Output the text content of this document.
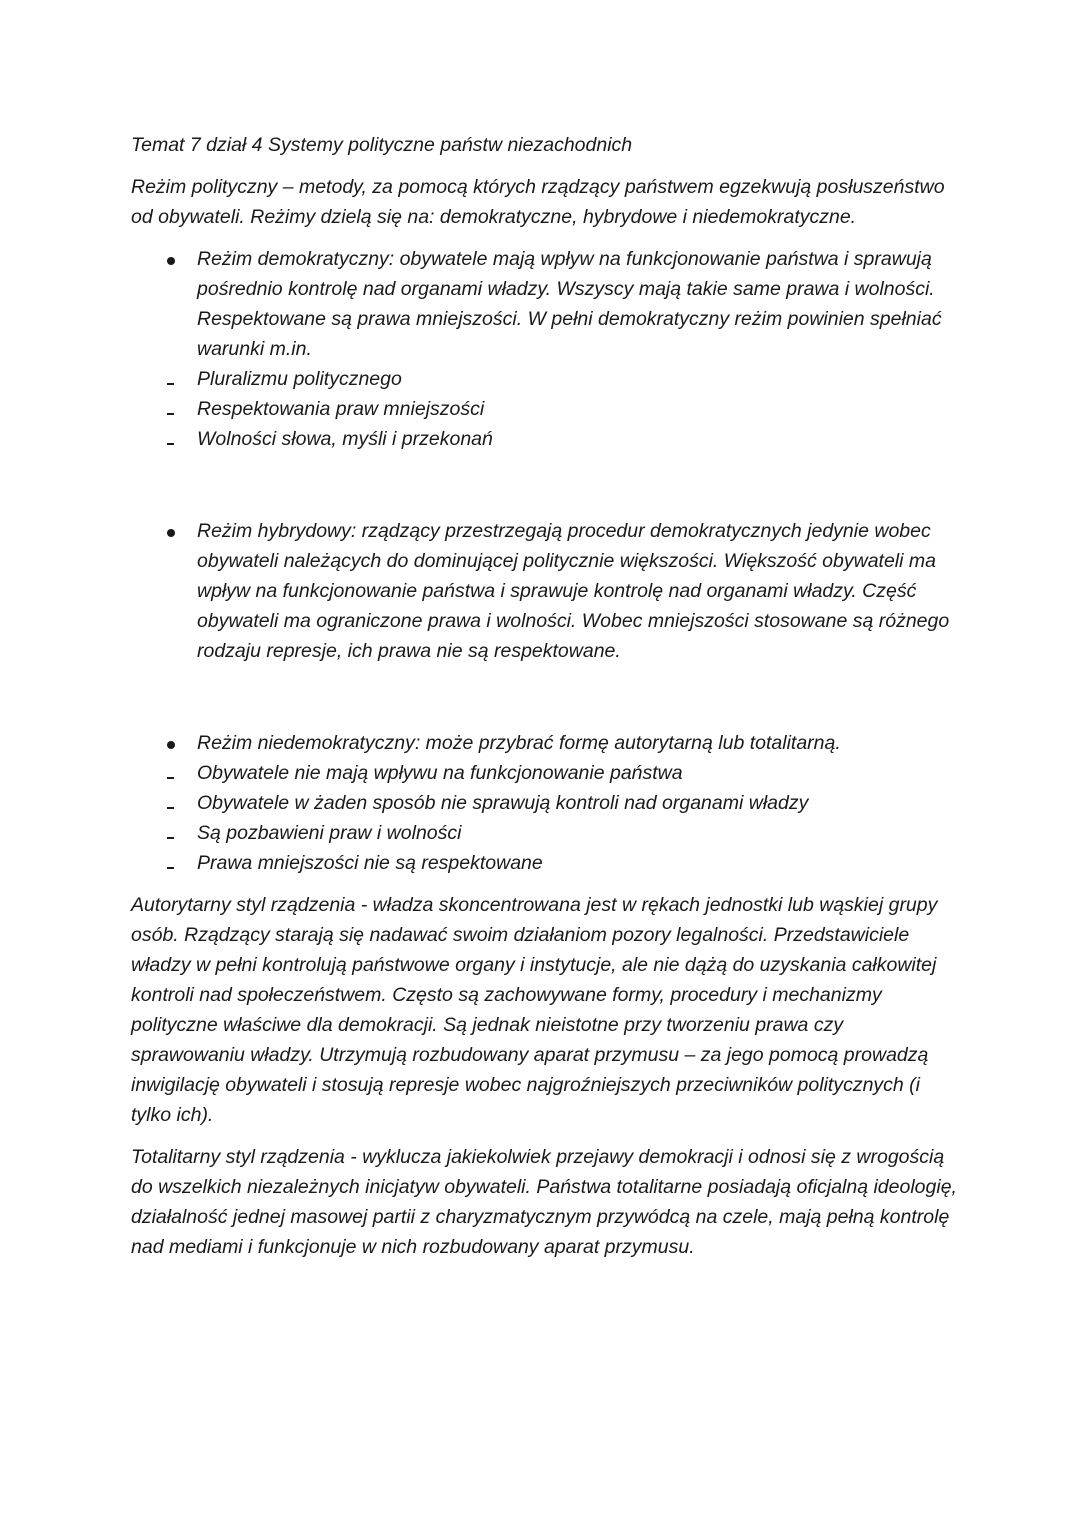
Temat 7 dział 4 Systemy polityczne państw niezachodnich

Reżim polityczny – metody, za pomocą których rządzący państwem egzekwują posłuszeństwo od obywateli. Reżimy dzielą się na: demokratyczne, hybrydowe i niedemokratyczne.

Reżim demokratyczny: obywatele mają wpływ na funkcjonowanie państwa i sprawują pośrednio kontrolę nad organami władzy. Wszyscy mają takie same prawa i wolności. Respektowane są prawa mniejszości. W pełni demokratyczny reżim powinien spełniać warunki m.in.
Pluralizmu politycznego
Respektowania praw mniejszości
Wolności słowa, myśli i przekonań
Reżim hybrydowy: rządzący przestrzegają procedur demokratycznych jedynie wobec obywateli należących do dominującej politycznie większości. Większość obywateli ma wpływ na funkcjonowanie państwa i sprawuje kontrolę nad organami władzy. Część obywateli ma ograniczone prawa i wolności. Wobec mniejszości stosowane są różnego rodzaju represje, ich prawa nie są respektowane.
Reżim niedemokratyczny: może przybrać formę autorytarną lub totalitarną.
Obywatele nie mają wpływu na funkcjonowanie państwa
Obywatele w żaden sposób nie sprawują kontroli nad organami władzy
Są pozbawieni praw i wolności
Prawa mniejszości nie są respektowane

Autorytarny styl rządzenia - władza skoncentrowana jest w rękach jednostki lub wąskiej grupy osób. Rządzący starają się nadawać swoim działaniom pozory legalności. Przedstawiciele władzy w pełni kontrolują państwowe organy i instytucje, ale nie dążą do uzyskania całkowitej kontroli nad społeczeństwem. Często są zachowywane formy, procedury i mechanizmy polityczne właściwe dla demokracji. Są jednak nieistotne przy tworzeniu prawa czy sprawowaniu władzy. Utrzymują rozbudowany aparat przymusu – za jego pomocą prowadzą inwigilację obywateli i stosują represje wobec najgroźniejszych przeciwników politycznych (i tylko ich).

Totalitarny styl rządzenia - wyklucza jakiekolwiek przejawy demokracji i odnosi się z wrogością do wszelkich niezależnych inicjatyw obywateli. Państwa totalitarne posiadają oficjalną ideologię, działalność jednej masowej partii z charyzmatycznym przywódcą na czele, mają pełną kontrolę nad mediami i funkcjonuje w nich rozbudowany aparat przymusu.
